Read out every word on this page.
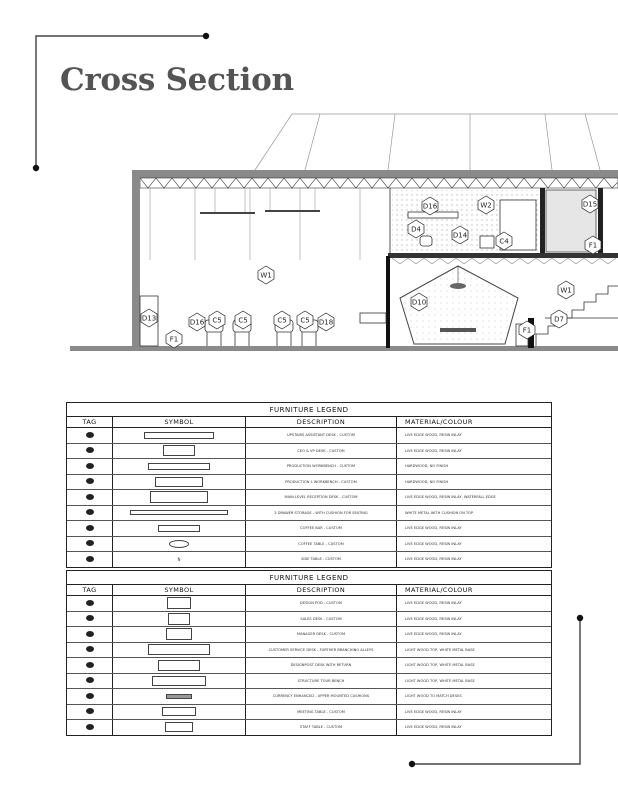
Cross Section
W1
W1
W2
D10
D13
D14
D15
D16
D16	D7
D4
C5 C5	C5 C5
F1
F1
F1
D18
C4
FURNITURE LEGEND
TAG	SYMBOL	DESCRIPTION	MATERIAL/COLOUR
		UPSTAIRS ASSISTANT DESK - CUSTOM	LIVE EDGE WOOD, RESIN INLAY
		CEO & VP DESK - CUSTOM	LIVE EDGE WOOD, RESIN INLAY
		PRODUCTION WORKBENCH - CUSTOM	HARDWOOD, NO FINISH
		PRODUCTION L WORKBENCH - CUSTOM	HARDWOOD, NO FINISH
		MAIN LEVEL RECEPTION DESK - CUSTOM	LIVE EDGE WOOD, RESIN INLAY, WATERFALL EDGE
		3 DRAWER STORAGE - WITH CUSHION FOR SEATING	WHITE METAL WITH CUSHION ON TOP
		COFFEE BAR - CUSTOM	LIVE EDGE WOOD, RESIN INLAY
		COFFEE TABLE - CUSTOM	LIVE EDGE WOOD, RESIN INLAY
	N	SIDE TABLE - CUSTOM	LIVE EDGE WOOD, RESIN INLAY
FURNITURE LEGEND
TAG	SYMBOL	DESCRIPTION	MATERIAL/COLOUR
		DESIGN POD - CUSTOM	LIVE EDGE WOOD, RESIN INLAY
		SALES DESK - CUSTOM	LIVE EDGE WOOD, RESIN INLAY
		MANAGER DESK - CUSTOM	LIVE EDGE WOOD, RESIN INLAY
		CUSTOMER SERVICE DESK - FURTHER BRANCHING ALLEYS	LIGHT WOOD TOP, WHITE METAL BASE
		DESIGNPOST DESK WITH RETURN	LIGHT WOOD TOP, WHITE METAL BASE
		STRUCTURE TOUR BENCH	LIGHT WOOD TOP, WHITE METAL BASE
		CURRENCY ENHANCED - UPPER MOUNTED CUSHIONS	LIGHT WOOD TO MATCH DESKS
		MEETING TABLE - CUSTOM	LIVE EDGE WOOD, RESIN INLAY
		STAFF TABLE - CUSTOM	LIVE EDGE WOOD, RESIN INLAY
